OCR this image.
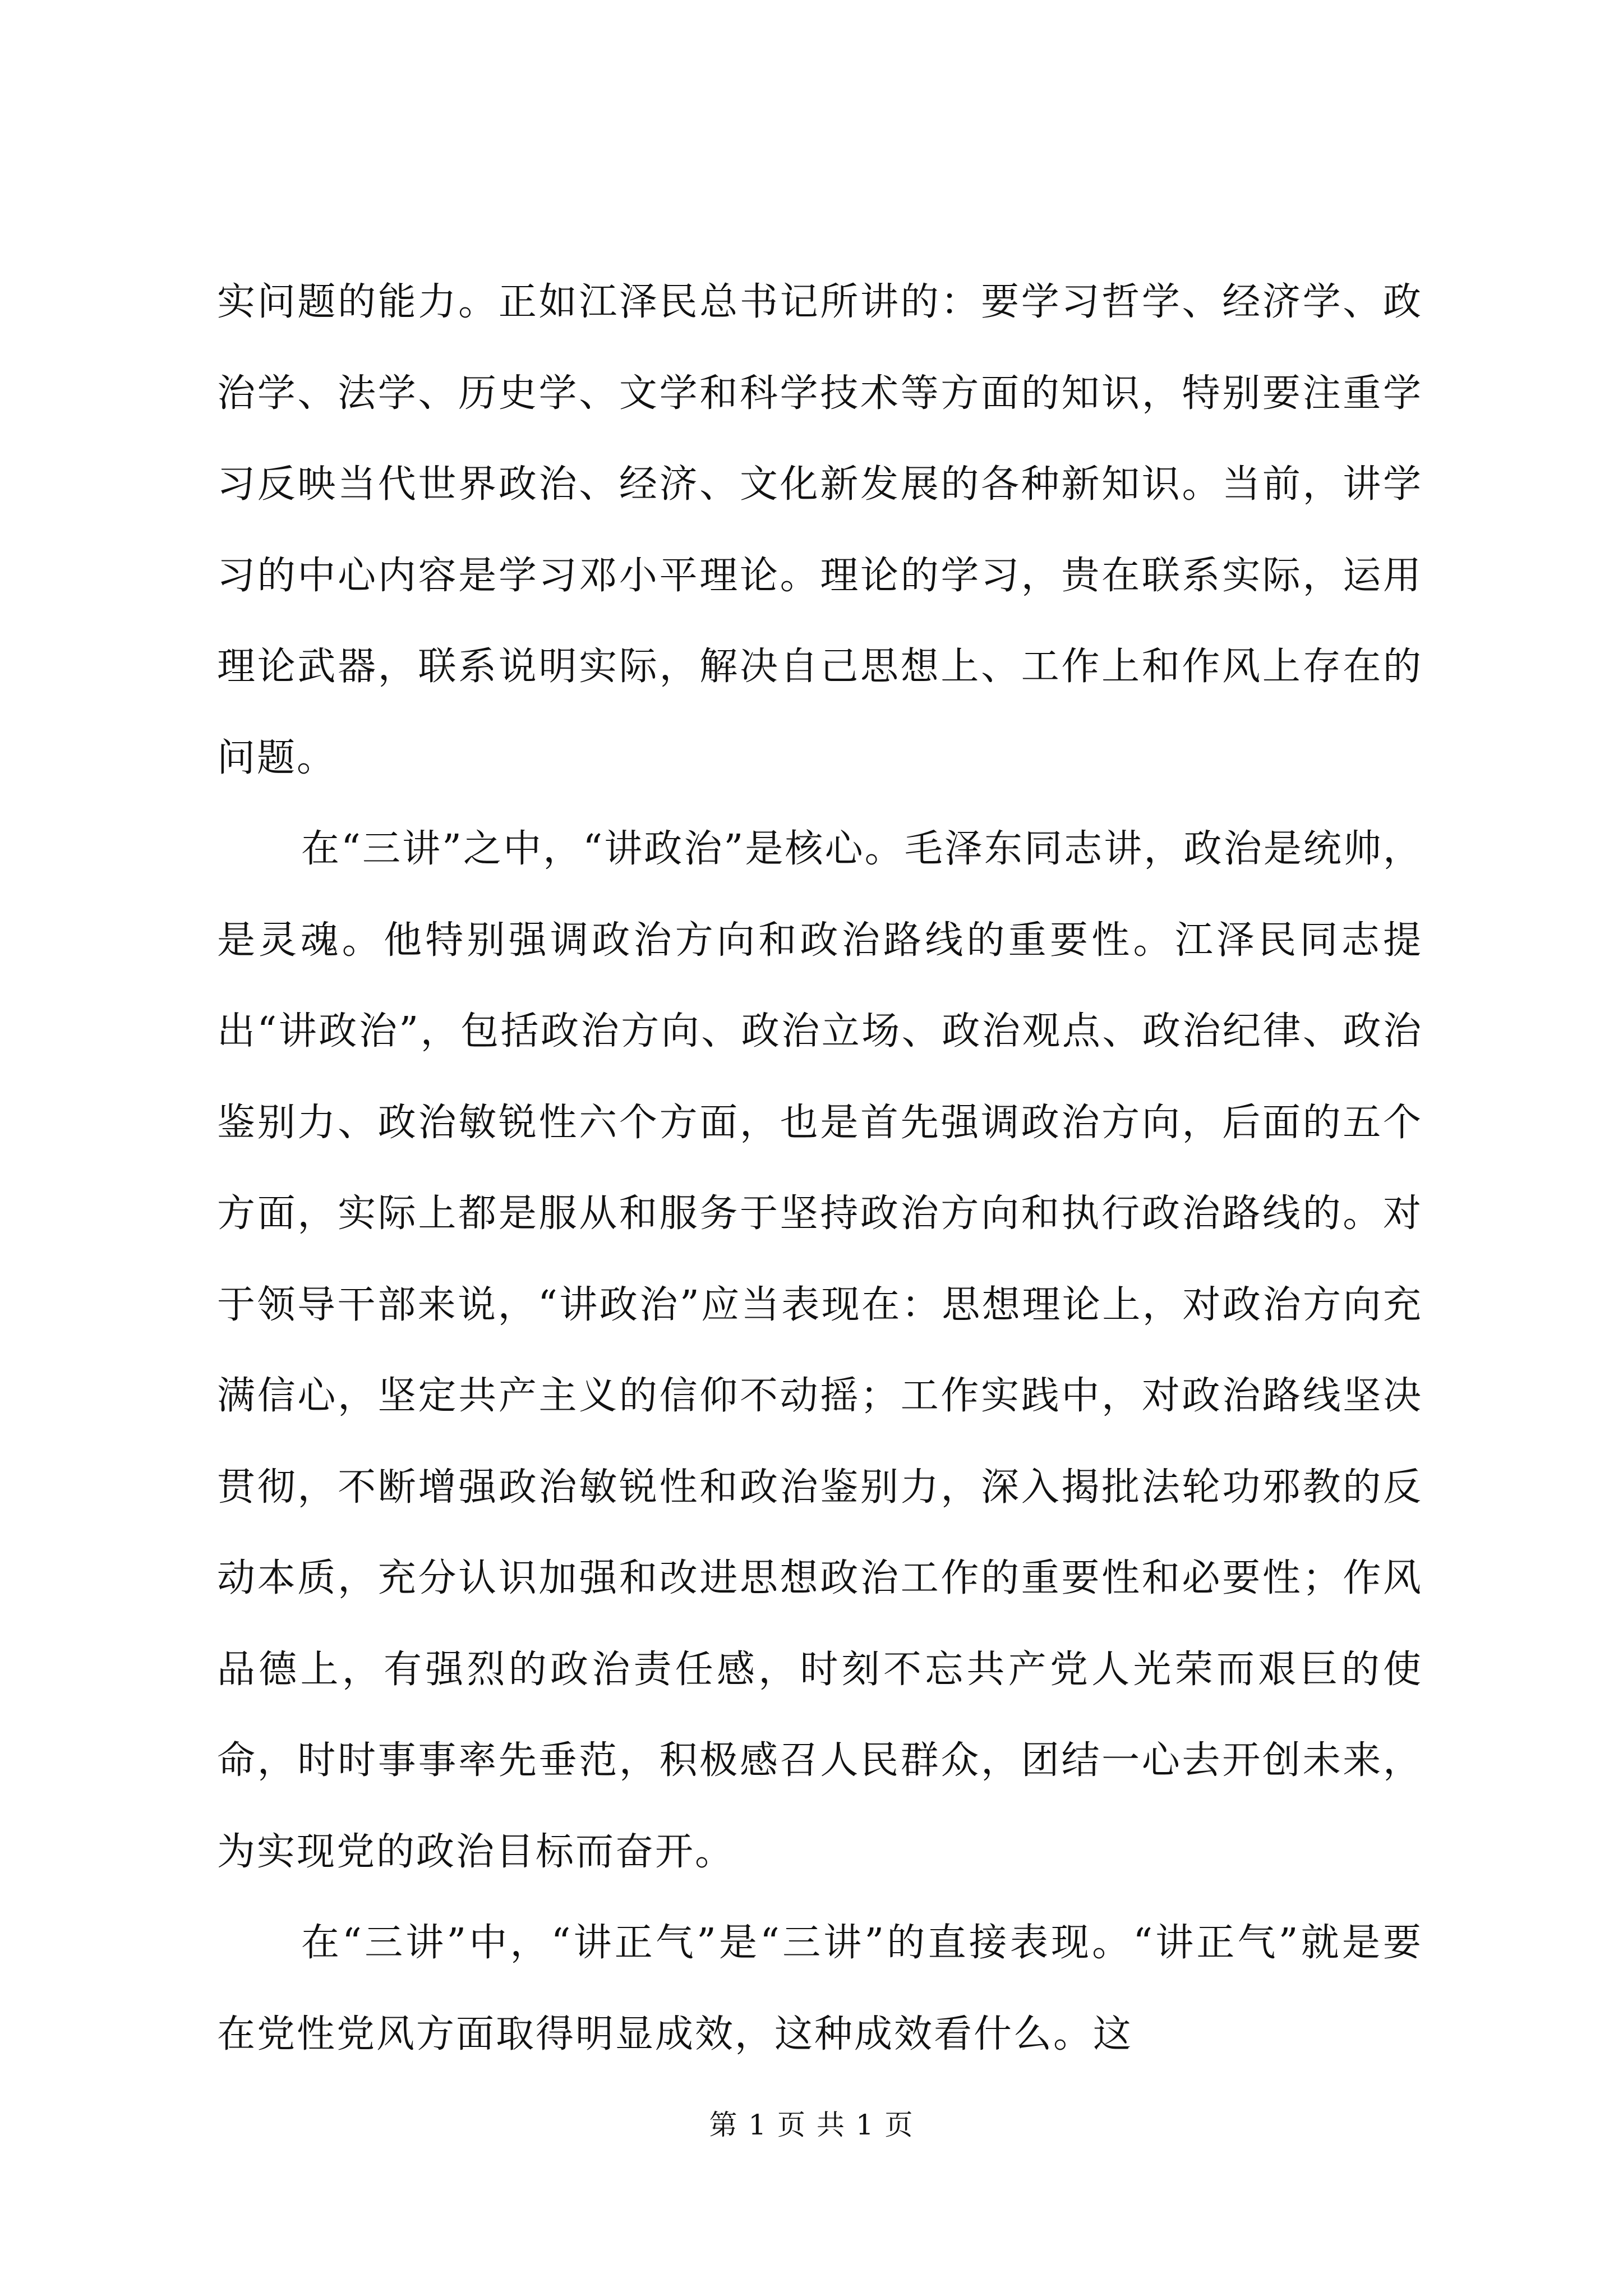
实问题的能力。正如江泽民总书记所讲的：要学习哲学、经济学、政治学、法学、历史学、文学和科学技术等方面的知识，特别要注重学习反映当代世界政治、经济、文化新发展的各种新知识。当前，讲学习的中心内容是学习邓小平理论。理论的学习，贵在联系实际，运用理论武器，联系说明实际，解决自己思想上、工作上和作风上存在的问题。

在“三讲”之中，“讲政治”是核心。毛泽东同志讲，政治是统帅，是灵魂。他特别强调政治方向和政治路线的重要性。江泽民同志提出“讲政治”，包括政治方向、政治立场、政治观点、政治纪律、政治鉴别力、政治敏锐性六个方面，也是首先强调政治方向，后面的五个方面，实际上都是服从和服务于坚持政治方向和执行政治路线的。对于领导干部来说，“讲政治”应当表现在：思想理论上，对政治方向充满信心，坚定共产主义的信仰不动摇；工作实践中，对政治路线坚决贯彻，不断增强政治敏锐性和政治鉴别力，深入揭批法轮功邪教的反动本质，充分认识加强和改进思想政治工作的重要性和必要性；作风品德上，有强烈的政治责任感，时刻不忘共产党人光荣而艰巨的使命，时时事事率先垂范，积极感召人民群众，团结一心去开创未来，为实现党的政治目标而奋开。

在“三讲”中，“讲正气”是“三讲”的直接表现。“讲正气”就是要在党性党风方面取得明显成效，这种成效看什么。这

第 1 页 共 1 页
